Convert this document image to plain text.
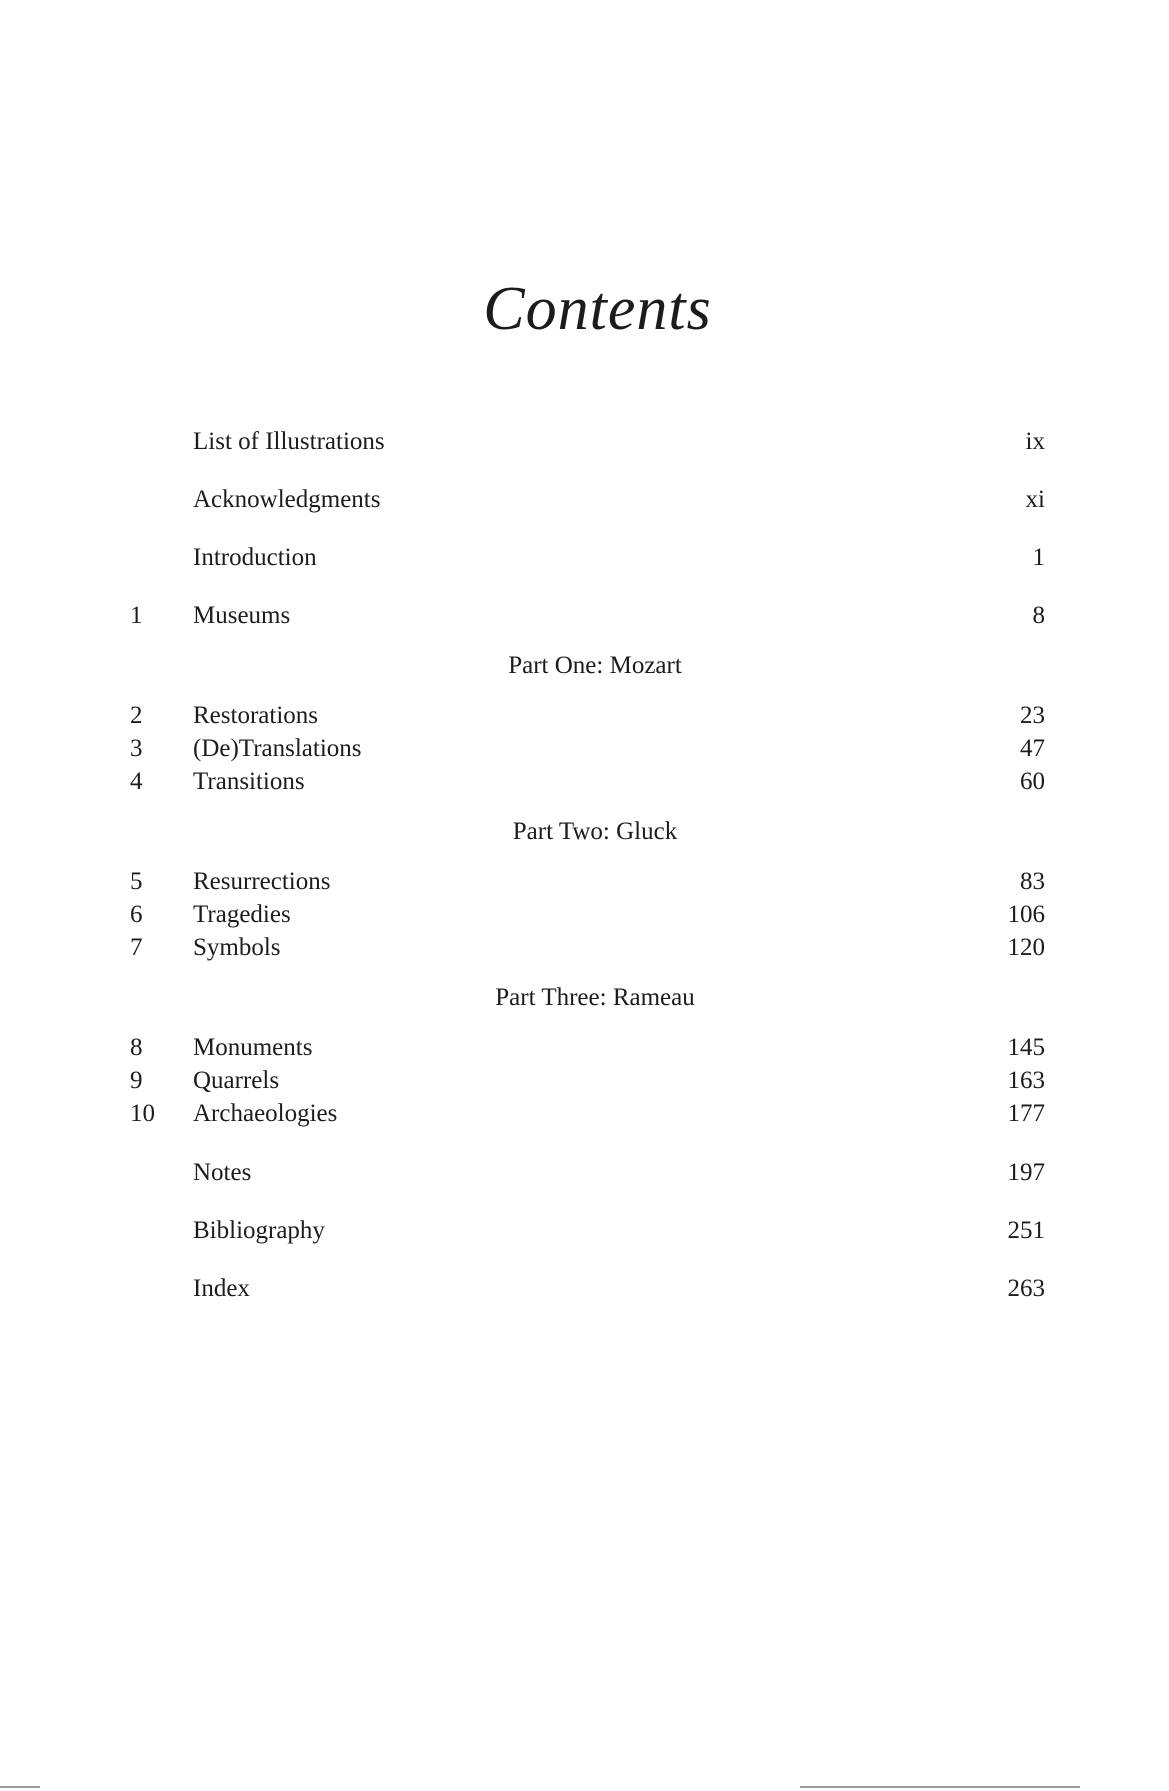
Contents
List of Illustrations	ix
Acknowledgments	xi
Introduction	1
1	Museums	8
Part One: Mozart
2	Restorations	23
3	(De)Translations	47
4	Transitions	60
Part Two: Gluck
5	Resurrections	83
6	Tragedies	106
7	Symbols	120
Part Three: Rameau
8	Monuments	145
9	Quarrels	163
10	Archaeologies	177
Notes	197
Bibliography	251
Index	263
